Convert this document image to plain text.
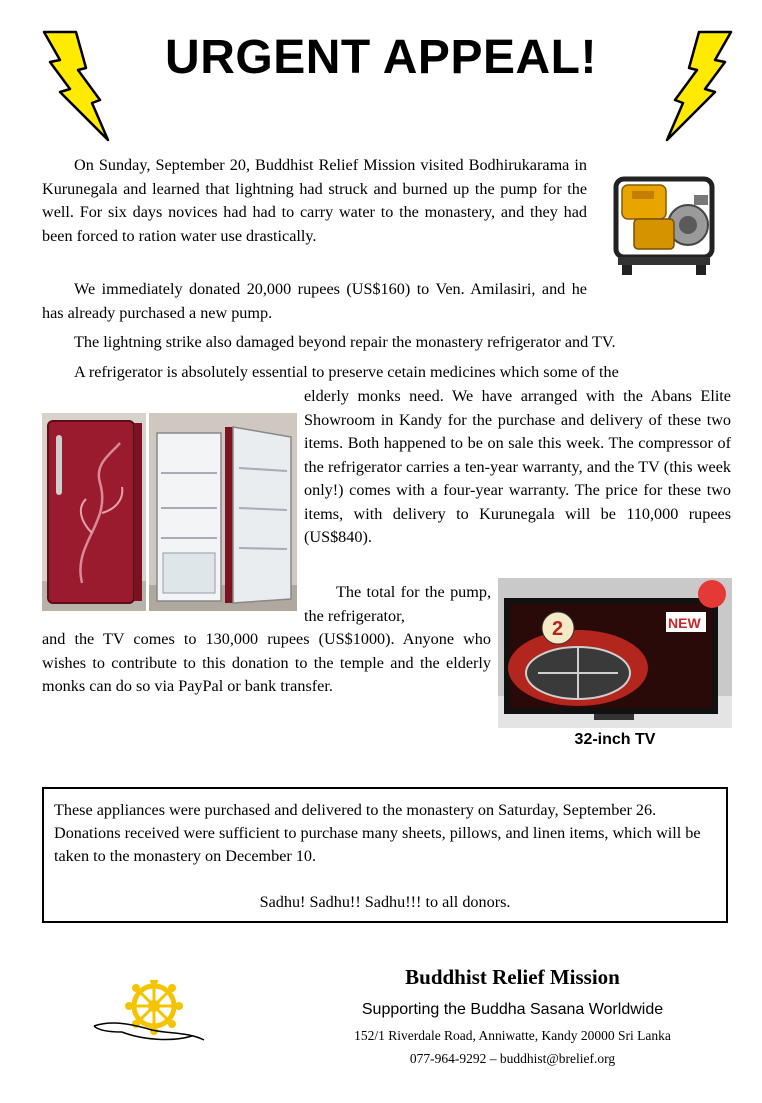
URGENT APPEAL!

On Sunday, September 20, Buddhist Relief Mission visited Bodhirukarama in Kurunegala and learned that lightning had struck and burned up the pump for the well. For six days novices had had to carry water to the monastery, and they had been forced to ration water use drastically.

We immediately donated 20,000 rupees (US$160) to Ven. Amilasiri, and he has already purchased a new pump.

The lightning strike also damaged beyond repair the monastery refrigerator and TV.

A refrigerator is absolutely essential to preserve cetain medicines which some of the

elderly monks need. We have arranged with the Abans Elite Showroom in Kandy for the purchase and delivery of these two items. Both happened to be on sale this week. The compressor of the refrigerator carries a ten-year warranty, and the TV (this week only!) comes with a four-year warranty. The price for these two items, with delivery to Kurunegala will be 110,000 rupees (US$840).

The total for the pump, the refrigerator,

and the TV comes to 130,000 rupees (US$1000). Anyone who wishes to contribute to this donation to the temple and the elderly monks can do so via PayPal or bank transfer.

2	NEW
32-inch TV

These appliances were purchased and delivered to the monastery on Saturday, September 26. Donations received were sufficient to purchase many sheets, pillows, and linen items, which will be taken to the monastery on December 10.

Sadhu! Sadhu!! Sadhu!!! to all donors.
Buddhist Relief Mission
Supporting the Buddha Sasana Worldwide
152/1 Riverdale Road, Anniwatte, Kandy 20000 Sri Lanka
077-964-9292 – buddhist@brelief.org
